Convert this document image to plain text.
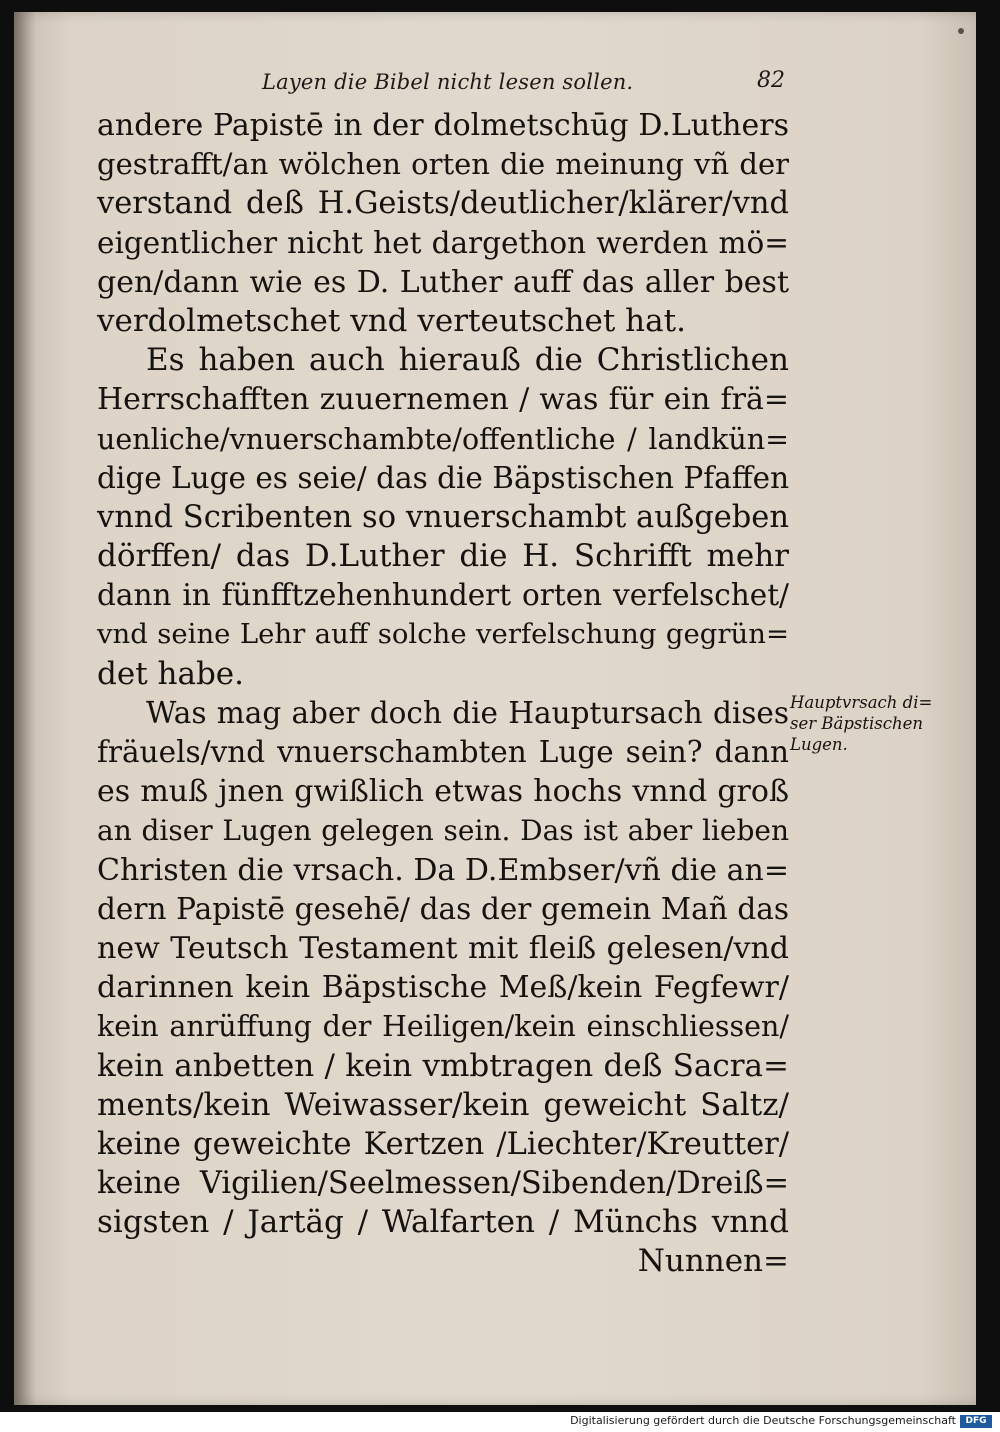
Layen die Bibel nicht lesen sollen.	82
andere Papistē in der dolmetschūg D.Luthers
gestrafft/an wölchen orten die meinung vñ der
verstand deß H.Geists/deutlicher/klärer/vnd
eigentlicher nicht het dargethon werden mö=
gen/dann wie es D. Luther auff das aller best
verdolmetschet vnd verteutschet hat.
Es haben auch hierauß die Christlichen
Herrschafften zuuernemen / was für ein frä=
uenliche/vnuerschambte/offentliche / landkün=
dige Luge es seie/ das die Bäpstischen Pfaffen
vnnd Scribenten so vnuerschambt außgeben
dörffen/ das D.Luther die H. Schrifft mehr
dann in fünfftzehenhundert orten verfelschet/
vnd seine Lehr auff solche verfelschung gegrün=
det habe.
Was mag aber doch die Hauptursach dises
fräuels/vnd vnuerschambten Luge sein? dann
es muß jnen gwißlich etwas hochs vnnd groß
an diser Lugen gelegen sein. Das ist aber lieben
Christen die vrsach. Da D.Embser/vñ die an=
dern Papistē gesehē/ das der gemein Mañ das
new Teutsch Testament mit fleiß gelesen/vnd
darinnen kein Bäpstische Meß/kein Fegfewr/
kein anrüffung der Heiligen/kein einschliessen/
kein anbetten / kein vmbtragen deß Sacra=
ments/kein Weiwasser/kein geweicht Saltz/
keine geweichte Kertzen /Liechter/Kreutter/
keine Vigilien/Seelmessen/Sibenden/Dreiß=
sigsten / Jartäg / Walfarten / Münchs vnnd
Nunnen=
Hauptvrsach di=
ser Bäpstischen
Lugen.
Digitalisierung gefördert durch die Deutsche Forschungsgemeinschaft	DFG
